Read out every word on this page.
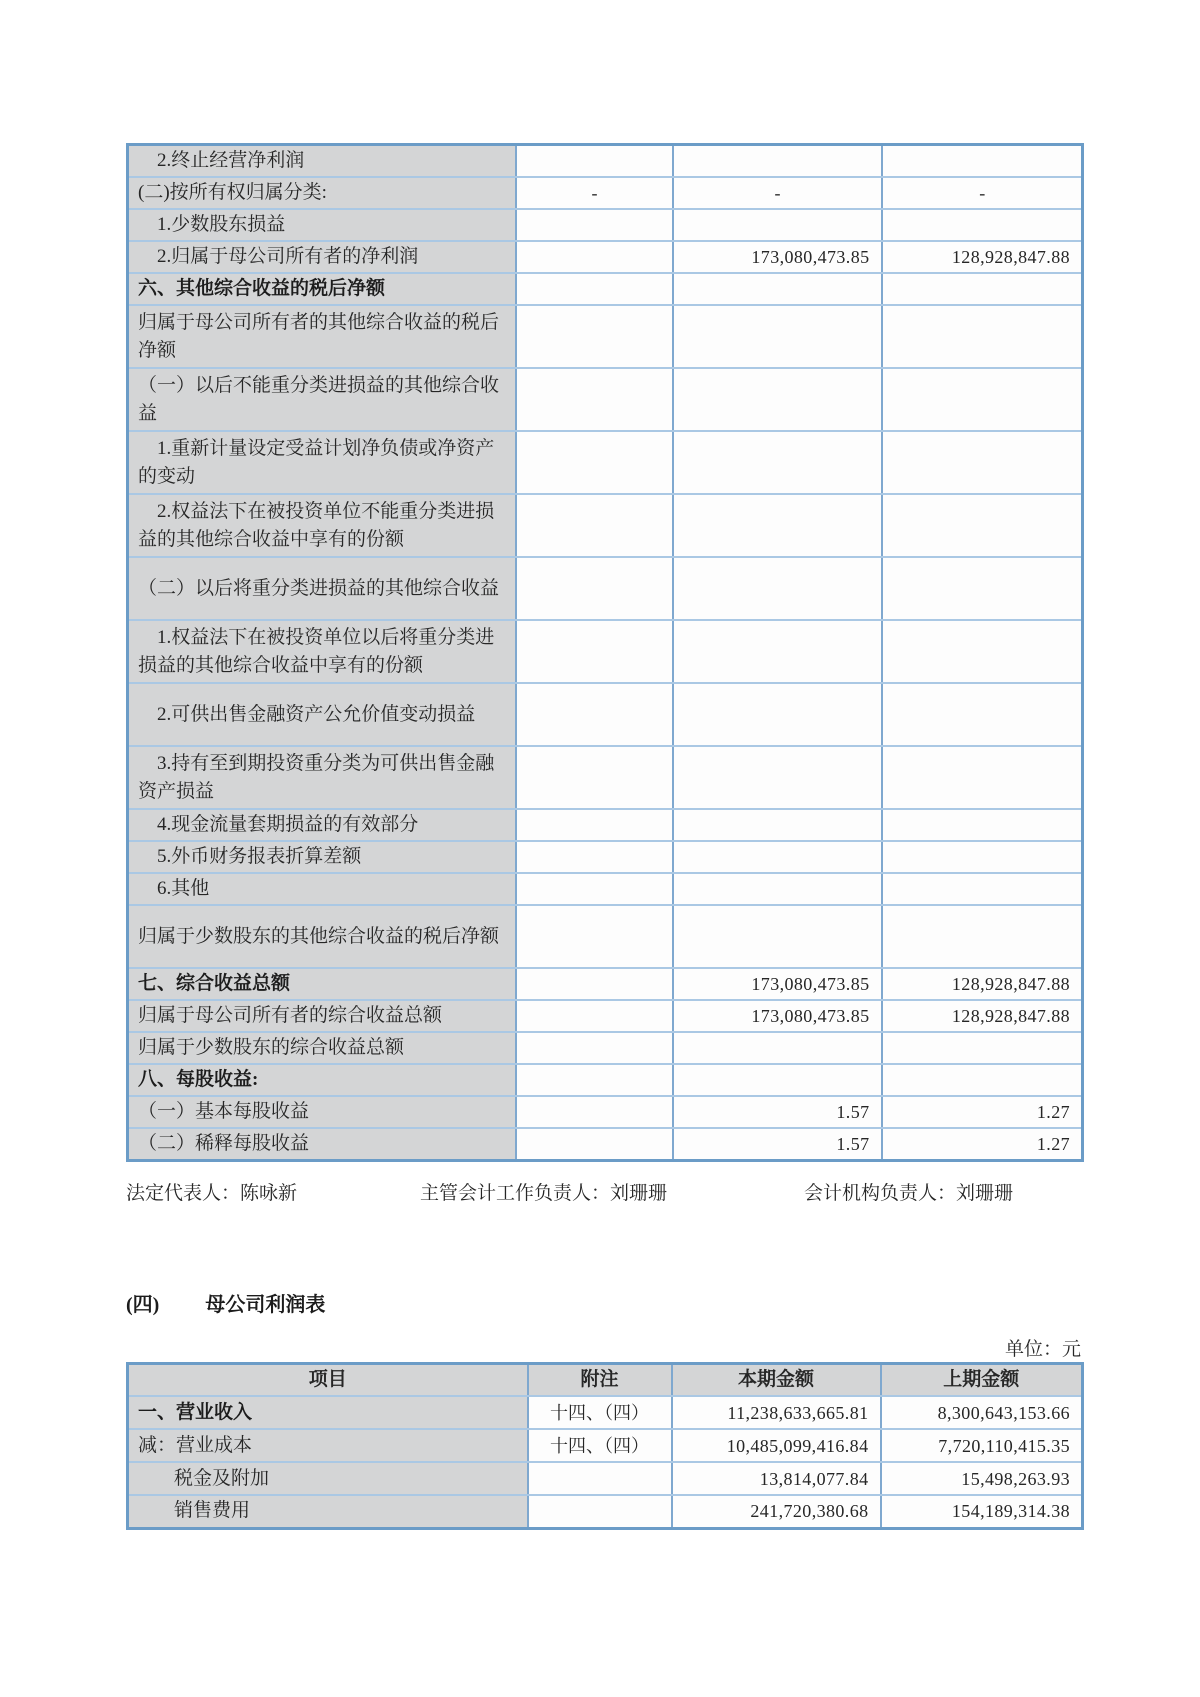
2.终止经营净利润			
(二)按所有权归属分类:	-	-	-
1.少数股东损益			
2.归属于母公司所有者的净利润		173,080,473.85	128,928,847.88
六、其他综合收益的税后净额			
归属于母公司所有者的其他综合收益的税后净额			
（一）以后不能重分类进损益的其他综合收益			
1.重新计量设定受益计划净负债或净资产的变动			
2.权益法下在被投资单位不能重分类进损益的其他综合收益中享有的份额			
（二）以后将重分类进损益的其他综合收益			
1.权益法下在被投资单位以后将重分类进损益的其他综合收益中享有的份额			
2.可供出售金融资产公允价值变动损益			
3.持有至到期投资重分类为可供出售金融资产损益			
4.现金流量套期损益的有效部分			
5.外币财务报表折算差额			
6.其他			
归属于少数股东的其他综合收益的税后净额			
七、综合收益总额		173,080,473.85	128,928,847.88
归属于母公司所有者的综合收益总额		173,080,473.85	128,928,847.88
归属于少数股东的综合收益总额			
八、每股收益:			
（一）基本每股收益		1.57	1.27
（二）稀释每股收益		1.57	1.27
法定代表人：陈咏新	主管会计工作负责人：刘珊珊	会计机构负责人：刘珊珊
(四) 母公司利润表
单位：元
项目	附注	本期金额	上期金额
一、营业收入	十四、（四）	11,238,633,665.81	8,300,643,153.66
减：营业成本	十四、（四）	10,485,099,416.84	7,720,110,415.35
税金及附加		13,814,077.84	15,498,263.93
销售费用		241,720,380.68	154,189,314.38
